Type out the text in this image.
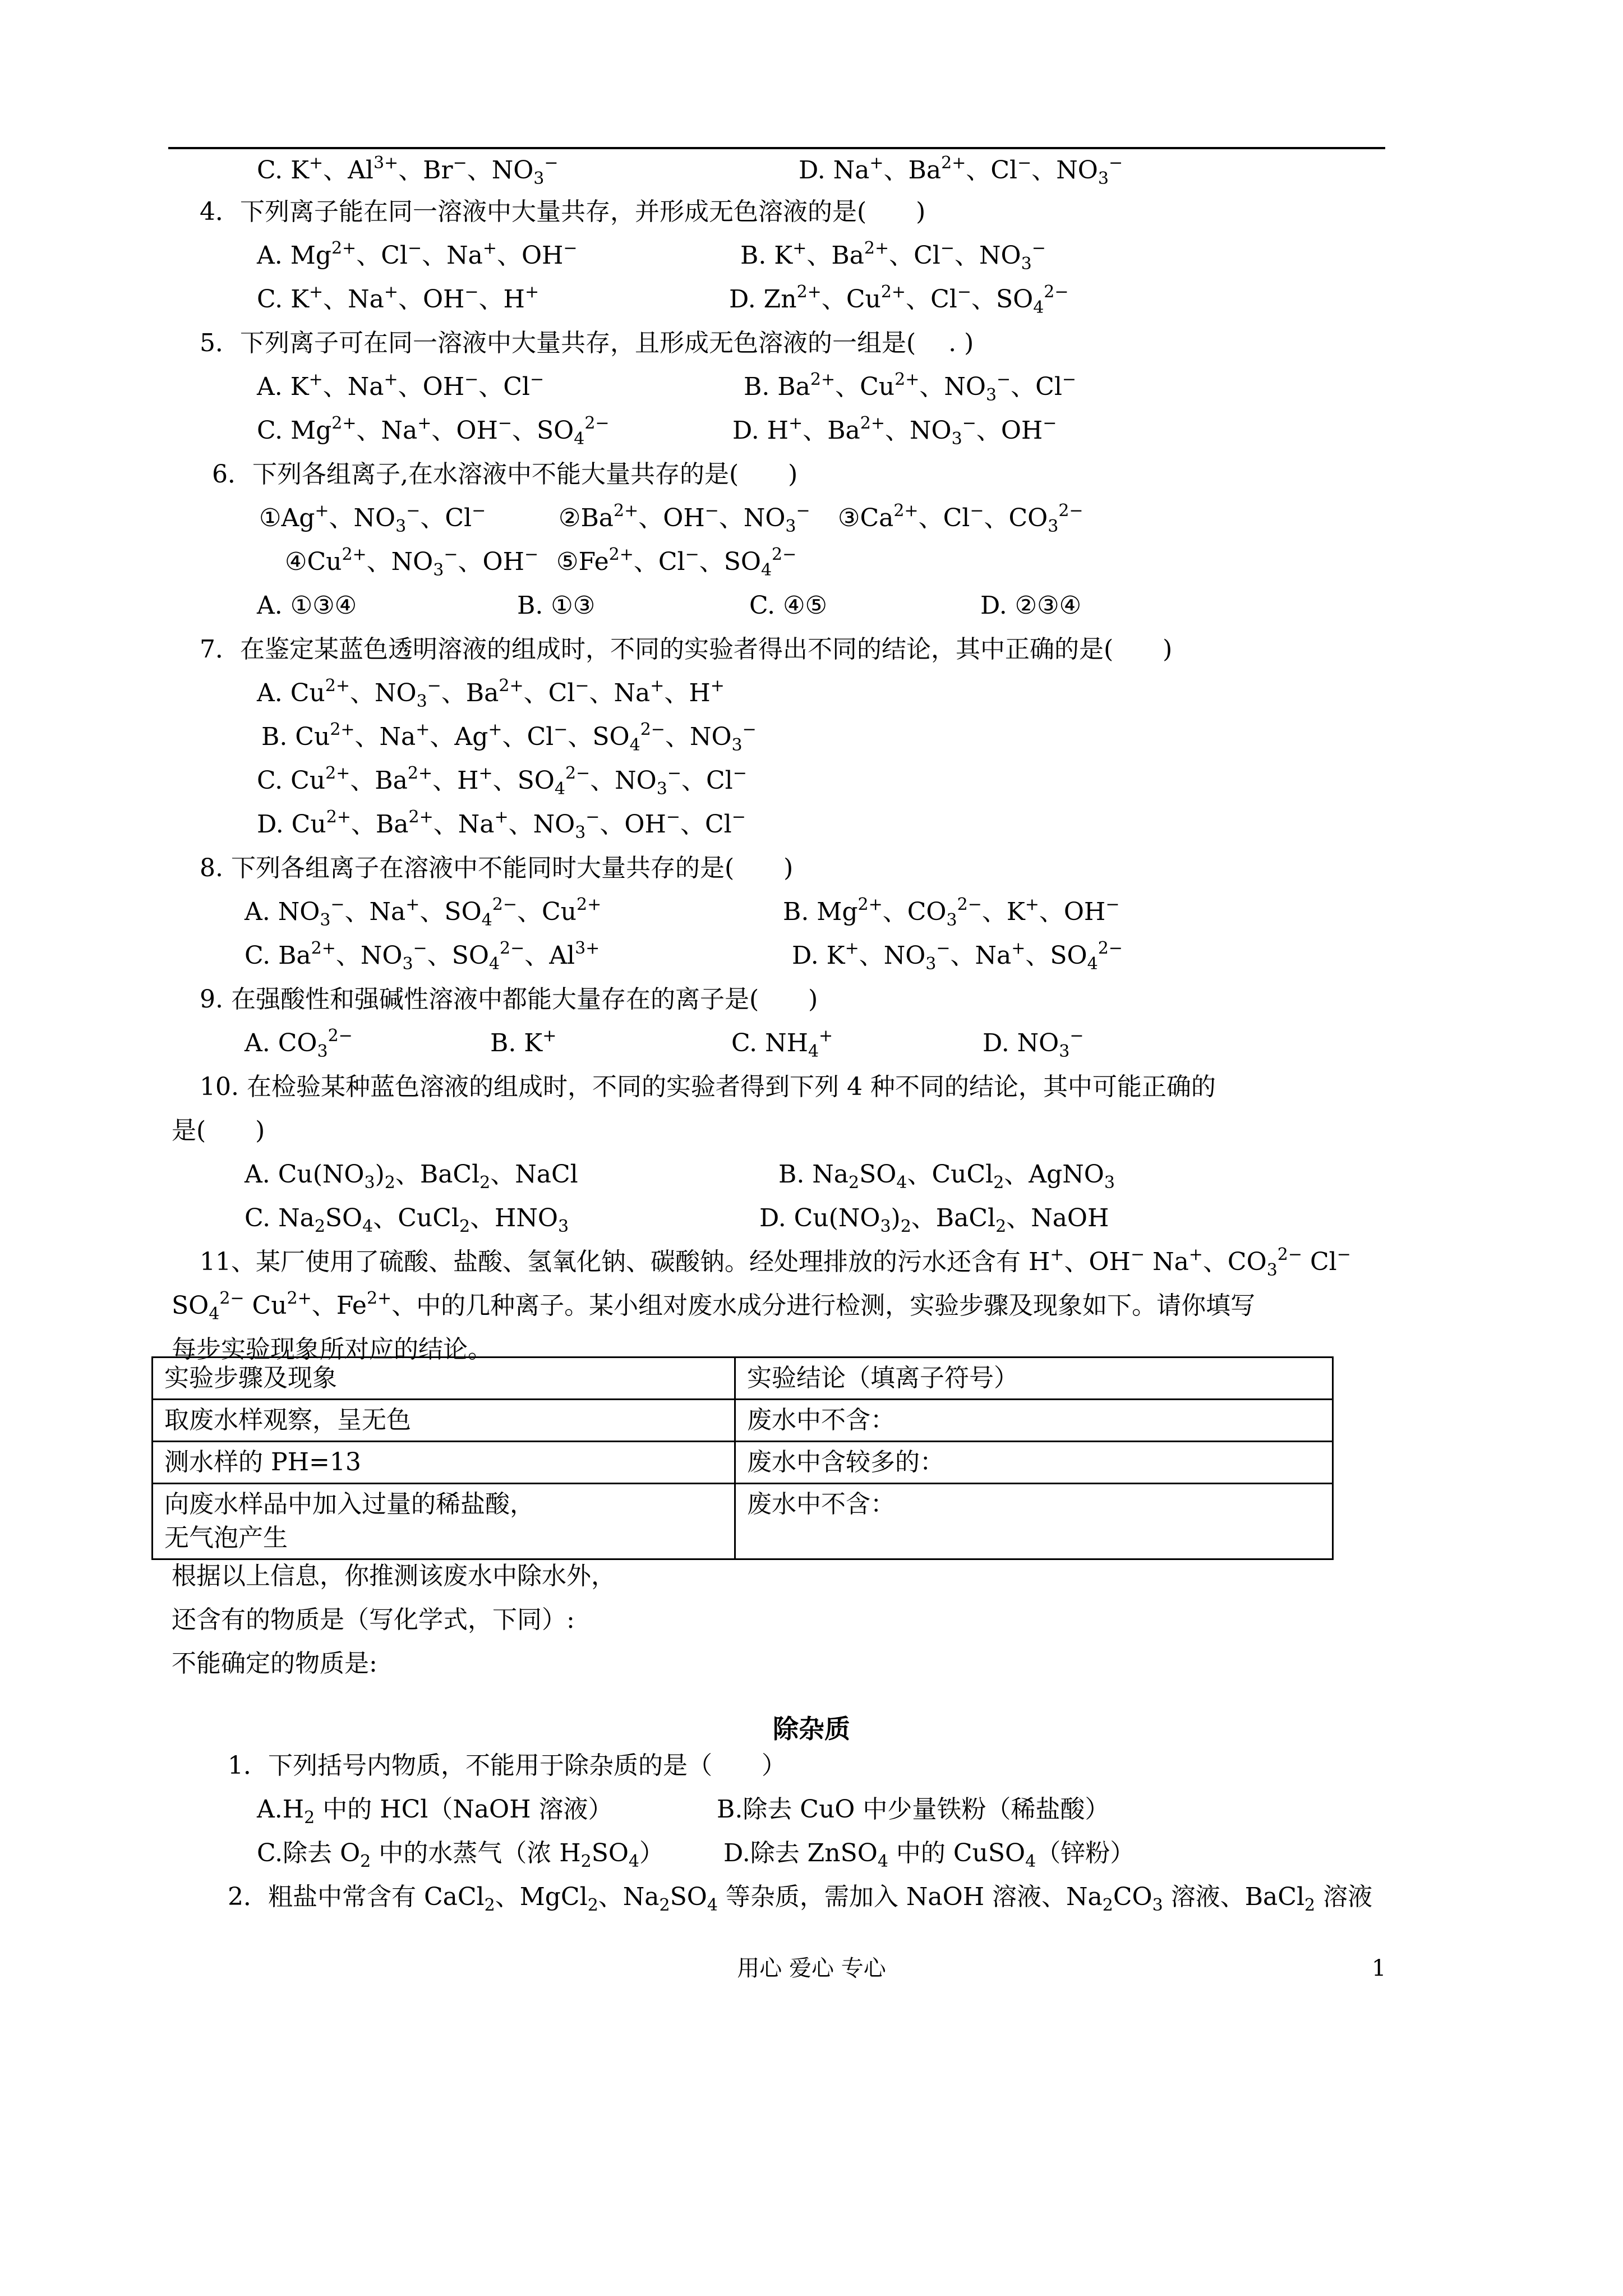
C. K+、$Al^{3+}$、Br−、$NO_3^-$	D. Na+、$Ba^{2+}$、Cl−、$NO_3^-$
4．下列离子能在同一溶液中大量共存，并形成无色溶液的是(　　)
A. $Mg^{2+}$、Cl−、Na+、OH−	B. K+、$Ba^{2+}$、Cl−、$NO_3^-$
C. K+、Na+、OH−、H+	D. $Zn^{2+}$、$Cu^{2+}$、Cl−、$SO_4^{2-}$
5．下列离子可在同一溶液中大量共存，且形成无色溶液的一组是(　 . )
A. K+、Na+、OH−、Cl−	B. $Ba^{2+}$、$Cu^{2+}$、$NO_3^-$、Cl−
C. $Mg^{2+}$、Na+、OH−、$SO_4^{2-}$	D. H+、$Ba^{2+}$、$NO_3^-$、OH−
6．下列各组离子,在水溶液中不能大量共存的是(　　)
①Ag+、$NO_3^-$、Cl−	$②Ba^{2+}$、OH−、$NO_3^-$ $③Ca^{2+}$、Cl−、$CO_3^{2-}$
$④Cu^{2+}$、$NO_3^-$、OH− $⑤Fe^{2+}$、Cl−、$SO_4^{2-}$
A. ①③④	B. ①③	C. ④⑤	D. ②③④
7．在鉴定某蓝色透明溶液的组成时，不同的实验者得出不同的结论，其中正确的是(　　)
A. $Cu^{2+}$、$NO_3^-$、$Ba^{2+}$、Cl−、Na+、H+
B. $Cu^{2+}$、Na+、Ag+、Cl−、$SO_4^{2-}$、$NO_3^-$
C. $Cu^{2+}$、$Ba^{2+}$、H+、$SO_4^{2-}$、$NO_3^-$、Cl−
D. $Cu^{2+}$、$Ba^{2+}$、Na+、$NO_3^-$、OH−、Cl−
8. 下列各组离子在溶液中不能同时大量共存的是(　　)
A. $NO_3^-$、Na+、$SO_4^{2-}$、$Cu^{2+}$	B. $Mg^{2+}$、$CO_3^{2-}$、K+、OH−
C. $Ba^{2+}$、$NO_3^-$、$SO_4^{2-}$、$Al^{3+}$	D. K+、$NO_3^-$、Na+、$SO_4^{2-}$
9. 在强酸性和强碱性溶液中都能大量存在的离子是(　　)
A. $CO_3^{2-}$	B. K+	C. $NH_4^+$	D. $NO_3^-$
10. 在检验某种蓝色溶液的组成时，不同的实验者得到下列 4 种不同的结论，其中可能正确的
是(　　)
A. $Cu(NO_3)_2$、BaCl$_2$、NaCl	B. $Na_2SO_4$、CuCl$_2$、AgNO$_3$
C. $Na_2SO_4$、CuCl$_2$、$HNO_3$	D. $Cu(NO_3)_2$、BaCl$_2$、NaOH
11、某厂使用了硫酸、盐酸、氢氧化钠、碳酸钠。经处理排放的污水还含有 H+、OH− Na+、$CO_3^{2-}$ Cl−
$SO_4^{2-}$ $Cu^{2+}$、$Fe^{2+}$、中的几种离子。某小组对废水成分进行检测，实验步骤及现象如下。请你填写
每步实验现象所对应的结论。
实验步骤及现象	实验结论（填离子符号）
取废水样观察，呈无色	废水中不含：
测水样的 PH=13	废水中含较多的：
向废水样品中加入过量的稀盐酸，
无气泡产生	废水中不含：
根据以上信息，你推测该废水中除水外，
还含有的物质是（写化学式，下同）:
不能确定的物质是:
除杂质
1．下列括号内物质，不能用于除杂质的是（　　）
$A.H_2$ 中的 HCl（NaOH 溶液）	B.除去 CuO 中少量铁粉（稀盐酸）
C.除去 $O_2$ 中的水蒸气（浓 $H_2SO_4$） D.除去 ZnSO$_4$ 中的 CuSO$_4$（锌粉）
2．粗盐中常含有 CaCl$_2$、MgCl$_2$、$Na_2SO_4$ 等杂质，需加入 NaOH 溶液、$Na_2CO_3$ 溶液、BaCl$_2$ 溶液
用心 爱心 专心	1
